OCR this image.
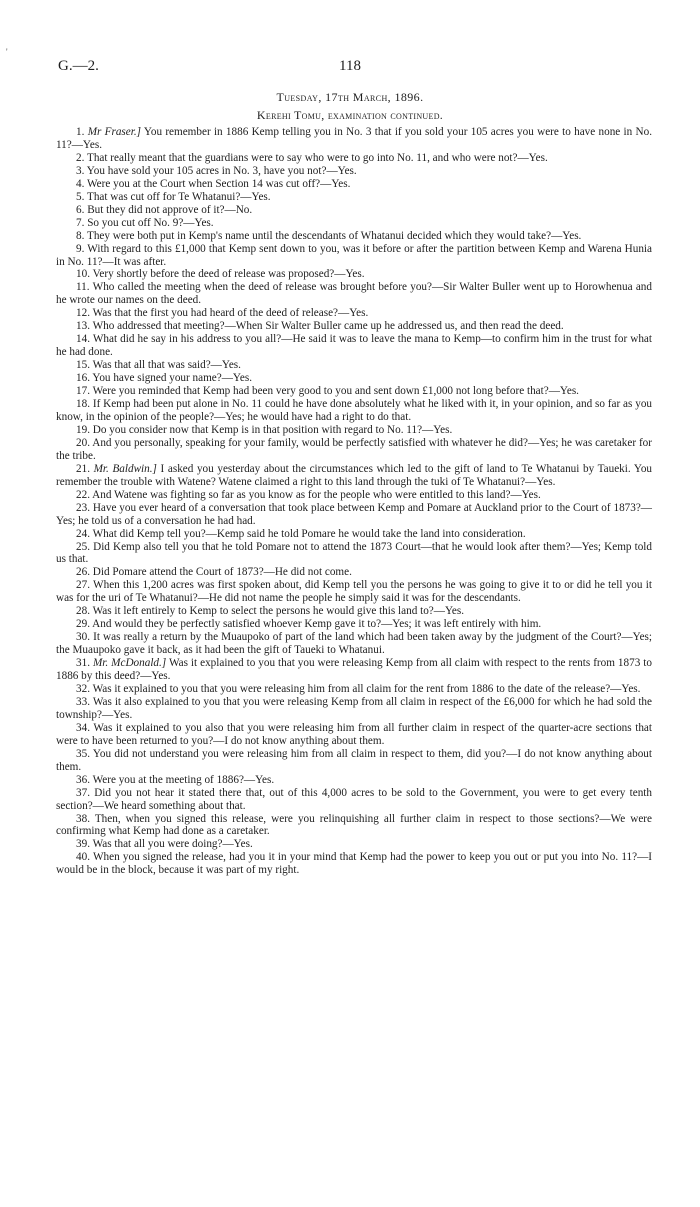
'
G.—2.	118
Tuesday, 17th March, 1896.
Kerehi Tomu, examination continued.

1. Mr Fraser.] You remember in 1886 Kemp telling you in No. 3 that if you sold your 105 acres you were to have none in No. 11?—Yes.

2. That really meant that the guardians were to say who were to go into No. 11, and who were not?—Yes.

3. You have sold your 105 acres in No. 3, have you not?—Yes.

4. Were you at the Court when Section 14 was cut off?—Yes.

5. That was cut off for Te Whatanui?—Yes.

6. But they did not approve of it?—No.

7. So you cut off No. 9?—Yes.

8. They were both put in Kemp's name until the descendants of Whatanui decided which they would take?—Yes.

9. With regard to this £1,000 that Kemp sent down to you, was it before or after the partition between Kemp and Warena Hunia in No. 11?—It was after.

10. Very shortly before the deed of release was proposed?—Yes.

11. Who called the meeting when the deed of release was brought before you?—Sir Walter Buller went up to Horowhenua and he wrote our names on the deed.

12. Was that the first you had heard of the deed of release?—Yes.

13. Who addressed that meeting?—When Sir Walter Buller came up he addressed us, and then read the deed.

14. What did he say in his address to you all?—He said it was to leave the mana to Kemp—to confirm him in the trust for what he had done.

15. Was that all that was said?—Yes.

16. You have signed your name?—Yes.

17. Were you reminded that Kemp had been very good to you and sent down £1,000 not long before that?—Yes.

18. If Kemp had been put alone in No. 11 could he have done absolutely what he liked with it, in your opinion, and so far as you know, in the opinion of the people?—Yes; he would have had a right to do that.

19. Do you consider now that Kemp is in that position with regard to No. 11?—Yes.

20. And you personally, speaking for your family, would be perfectly satisfied with whatever he did?—Yes; he was caretaker for the tribe.

21. Mr. Baldwin.] I asked you yesterday about the circumstances which led to the gift of land to Te Whatanui by Taueki. You remember the trouble with Watene? Watene claimed a right to this land through the tuki of Te Whatanui?—Yes.

22. And Watene was fighting so far as you know as for the people who were entitled to this land?—Yes.

23. Have you ever heard of a conversation that took place between Kemp and Pomare at Auckland prior to the Court of 1873?—Yes; he told us of a conversation he had had.

24. What did Kemp tell you?—Kemp said he told Pomare he would take the land into consideration.

25. Did Kemp also tell you that he told Pomare not to attend the 1873 Court—that he would look after them?—Yes; Kemp told us that.

26. Did Pomare attend the Court of 1873?—He did not come.

27. When this 1,200 acres was first spoken about, did Kemp tell you the persons he was going to give it to or did he tell you it was for the uri of Te Whatanui?—He did not name the people he simply said it was for the descendants.

28. Was it left entirely to Kemp to select the persons he would give this land to?—Yes.

29. And would they be perfectly satisfied whoever Kemp gave it to?—Yes; it was left entirely with him.

30. It was really a return by the Muaupoko of part of the land which had been taken away by the judgment of the Court?—Yes; the Muaupoko gave it back, as it had been the gift of Taueki to Whatanui.

31. Mr. McDonald.] Was it explained to you that you were releasing Kemp from all claim with respect to the rents from 1873 to 1886 by this deed?—Yes.

32. Was it explained to you that you were releasing him from all claim for the rent from 1886 to the date of the release?—Yes.

33. Was it also explained to you that you were releasing Kemp from all claim in respect of the £6,000 for which he had sold the township?—Yes.

34. Was it explained to you also that you were releasing him from all further claim in respect of the quarter-acre sections that were to have been returned to you?—I do not know anything about them.

35. You did not understand you were releasing him from all claim in respect to them, did you?—I do not know anything about them.

36. Were you at the meeting of 1886?—Yes.

37. Did you not hear it stated there that, out of this 4,000 acres to be sold to the Government, you were to get every tenth section?—We heard something about that.

38. Then, when you signed this release, were you relinquishing all further claim in respect to those sections?—We were confirming what Kemp had done as a caretaker.

39. Was that all you were doing?—Yes.

40. When you signed the release, had you it in your mind that Kemp had the power to keep you out or put you into No. 11?—I would be in the block, because it was part of my right.
